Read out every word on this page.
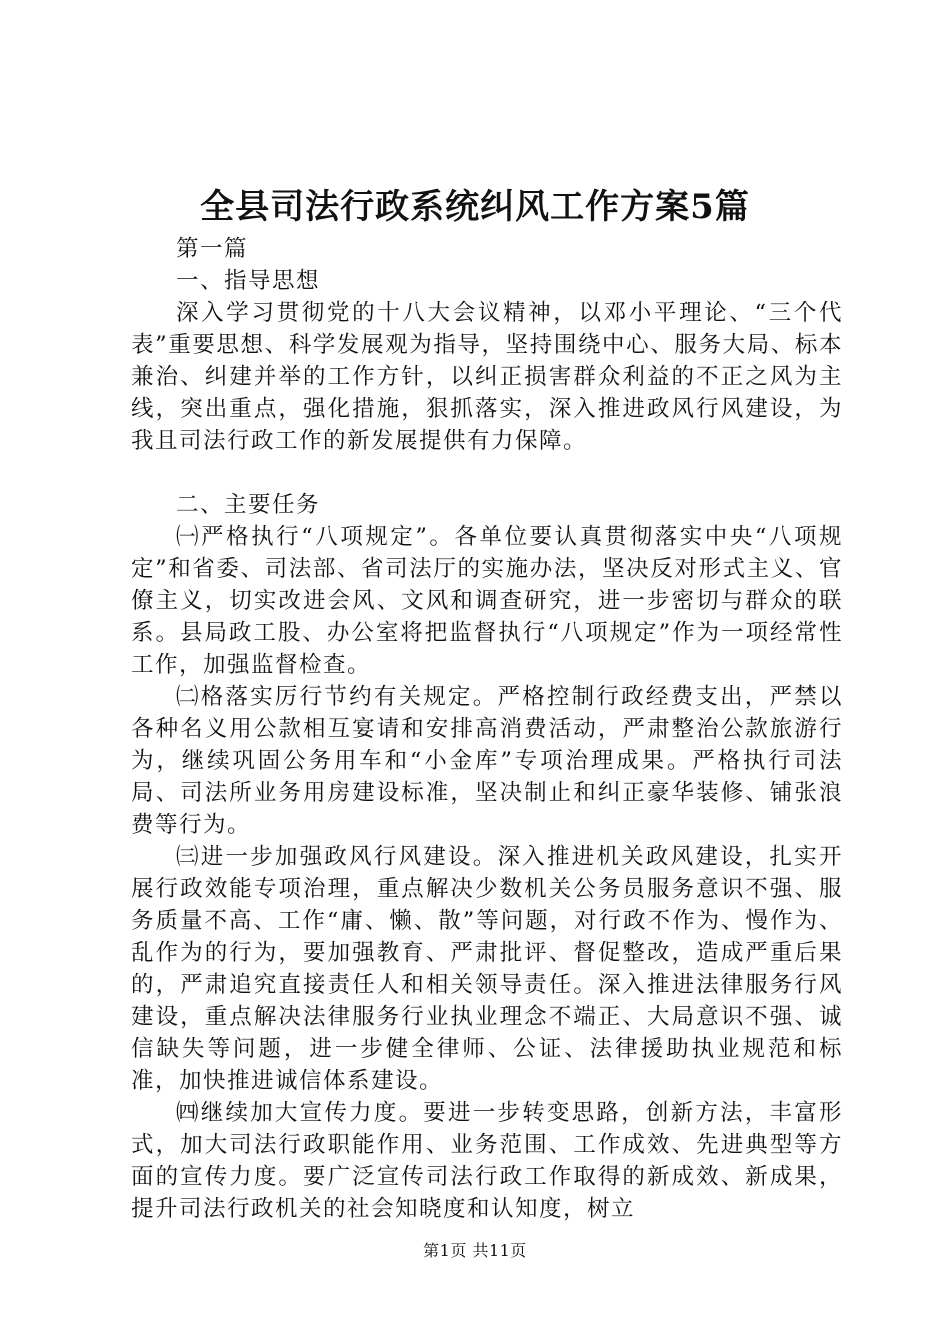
全县司法行政系统纠风工作方案5篇

第一篇

一、指导思想

深入学习贯彻党的十八大会议精神，以邓小平理论、“三个代表”重要思想、科学发展观为指导，坚持围绕中心、服务大局、标本兼治、纠建并举的工作方针，以纠正损害群众利益的不正之风为主线，突出重点，强化措施，狠抓落实，深入推进政风行风建设，为我且司法行政工作的新发展提供有力保障。

二、主要任务

㈠严格执行“八项规定”。各单位要认真贯彻落实中央“八项规定”和省委、司法部、省司法厅的实施办法，坚决反对形式主义、官僚主义，切实改进会风、文风和调查研究，进一步密切与群众的联系。县局政工股、办公室将把监督执行“八项规定”作为一项经常性工作，加强监督检查。

㈡格落实厉行节约有关规定。严格控制行政经费支出，严禁以各种名义用公款相互宴请和安排高消费活动，严肃整治公款旅游行为，继续巩固公务用车和“小金库”专项治理成果。严格执行司法局、司法所业务用房建设标准，坚决制止和纠正豪华装修、铺张浪费等行为。

㈢进一步加强政风行风建设。深入推进机关政风建设，扎实开展行政效能专项治理，重点解决少数机关公务员服务意识不强、服务质量不高、工作“庸、懒、散”等问题，对行政不作为、慢作为、乱作为的行为，要加强教育、严肃批评、督促整改，造成严重后果的，严肃追究直接责任人和相关领导责任。深入推进法律服务行风建设，重点解决法律服务行业执业理念不端正、大局意识不强、诚信缺失等问题，进一步健全律师、公证、法律援助执业规范和标准，加快推进诚信体系建设。

㈣继续加大宣传力度。要进一步转变思路，创新方法，丰富形式，加大司法行政职能作用、业务范围、工作成效、先进典型等方面的宣传力度。要广泛宣传司法行政工作取得的新成效、新成果，提升司法行政机关的社会知晓度和认知度，树立

第1页 共11页
